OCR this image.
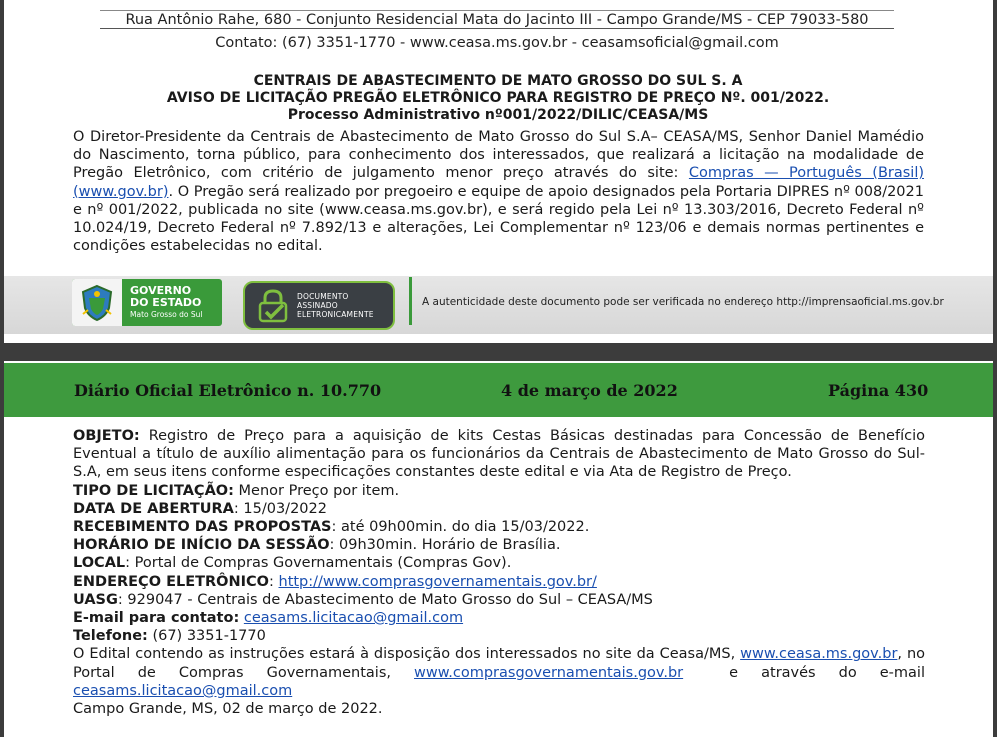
Rua Antônio Rahe, 680 - Conjunto Residencial Mata do Jacinto III - Campo Grande/MS - CEP 79033-580
Contato: (67) 3351-1770 - www.ceasa.ms.gov.br - ceasamsoficial@gmail.com
CENTRAIS DE ABASTECIMENTO DE MATO GROSSO DO SUL S. A
AVISO DE LICITAÇÃO PREGÃO ELETRÔNICO PARA REGISTRO DE PREÇO Nº. 001/2022.
Processo Administrativo nº001/2022/DILIC/CEASA/MS
O Diretor-Presidente da Centrais de Abastecimento de Mato Grosso do Sul S.A– CEASA/MS, Senhor Daniel Mamédio do Nascimento, torna público, para conhecimento dos interessados, que realizará a licitação na modalidade de Pregão Eletrônico, com critério de julgamento menor preço através do site: Compras — Português (Brasil) (www.gov.br). O Pregão será realizado por pregoeiro e equipe de apoio designados pela Portaria DIPRES nº 008/2021 e nº 001/2022, publicada no site (www.ceasa.ms.gov.br), e será regido pela Lei nº 13.303/2016, Decreto Federal nº 10.024/19, Decreto Federal nº 7.892/13 e alterações, Lei Complementar nº 123/06 e demais normas pertinentes e condições estabelecidas no edital.
GOVERNO
DO ESTADO
Mato Grosso do Sul
DOCUMENTO
ASSINADO
ELETRONICAMENTE
A autenticidade deste documento pode ser verificada no endereço http://imprensaoficial.ms.gov.br
Diário Oficial Eletrônico n. 10.770	4 de março de 2022	Página 430

OBJETO: Registro de Preço para a aquisição de kits Cestas Básicas destinadas para Concessão de Benefício Eventual a título de auxílio alimentação para os funcionários da Centrais de Abastecimento de Mato Grosso do Sul- S.A, em seus itens conforme especificações constantes deste edital e via Ata de Registro de Preço.

TIPO DE LICITAÇÃO: Menor Preço por item.

DATA DE ABERTURA: 15/03/2022

RECEBIMENTO DAS PROPOSTAS: até 09h00min. do dia 15/03/2022.

HORÁRIO DE INÍCIO DA SESSÃO: 09h30min. Horário de Brasília.

LOCAL: Portal de Compras Governamentais (Compras Gov).

ENDEREÇO ELETRÔNICO: http://www.comprasgovernamentais.gov.br/

UASG: 929047 - Centrais de Abastecimento de Mato Grosso do Sul – CEASA/MS

E-mail para contato: ceasams.licitacao@gmail.com

Telefone: (67) 3351-1770

O Edital contendo as instruções estará à disposição dos interessados no site da Ceasa/MS, www.ceasa.ms.gov.br, no Portal de Compras Governamentais, www.comprasgovernamentais.gov.br  e através do e-mail  ceasams.licitacao@gmail.com

Campo Grande, MS, 02 de março de 2022.
